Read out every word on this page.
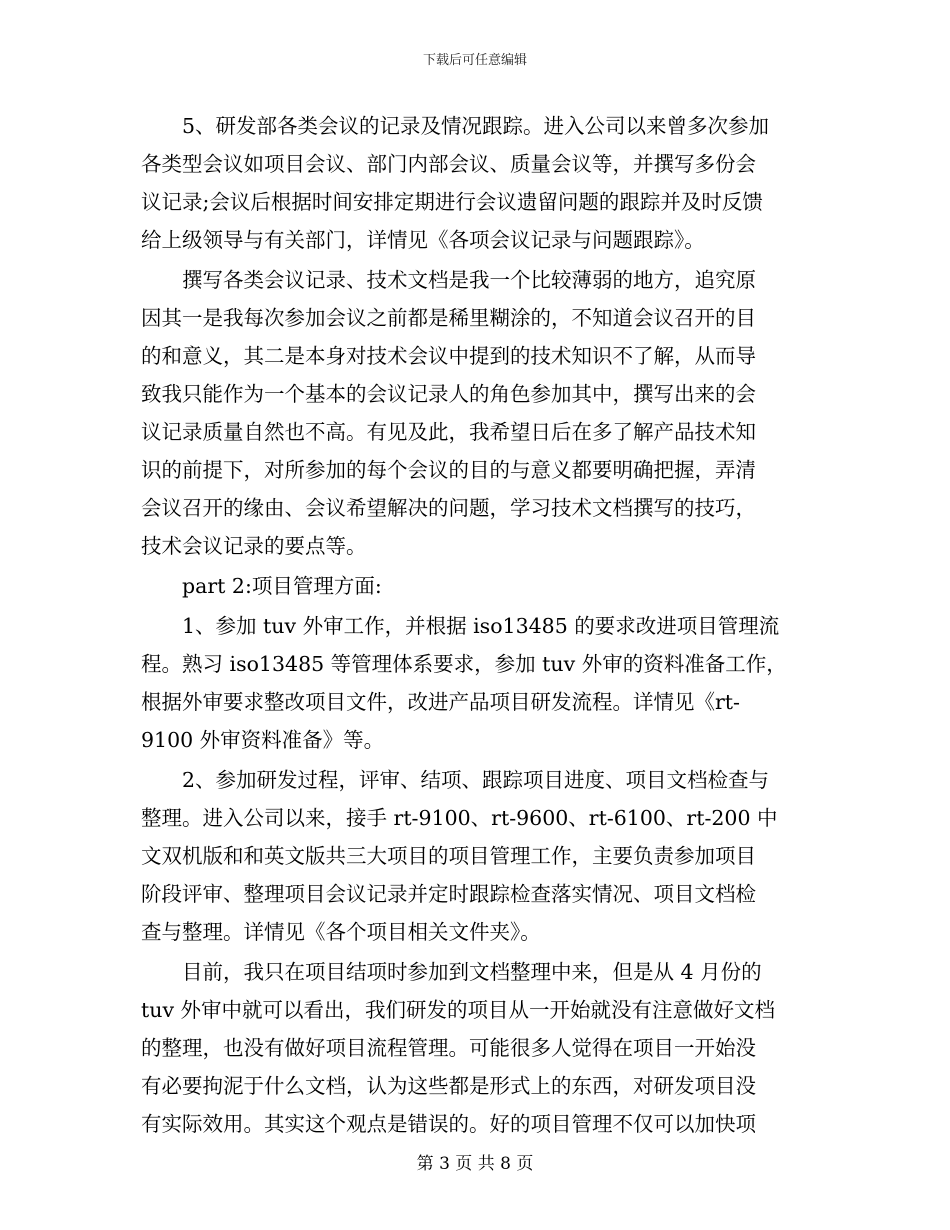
下载后可任意编辑
5、研发部各类会议的记录及情况跟踪。进入公司以来曾多次参加
各类型会议如项目会议、部门内部会议、质量会议等，并撰写多份会
议记录;会议后根据时间安排定期进行会议遗留问题的跟踪并及时反馈
给上级领导与有关部门，详情见《各项会议记录与问题跟踪》。
撰写各类会议记录、技术文档是我一个比较薄弱的地方，追究原
因其一是我每次参加会议之前都是稀里糊涂的，不知道会议召开的目
的和意义，其二是本身对技术会议中提到的技术知识不了解，从而导
致我只能作为一个基本的会议记录人的角色参加其中，撰写出来的会
议记录质量自然也不高。有见及此，我希望日后在多了解产品技术知
识的前提下，对所参加的每个会议的目的与意义都要明确把握，弄清
会议召开的缘由、会议希望解决的问题，学习技术文档撰写的技巧，
技术会议记录的要点等。
part 2:项目管理方面:
1、参加 tuv 外审工作，并根据 iso13485 的要求改进项目管理流
程。熟习 iso13485 等管理体系要求，参加 tuv 外审的资料准备工作，
根据外审要求整改项目文件，改进产品项目研发流程。详情见《rt-
9100 外审资料准备》等。
2、参加研发过程，评审、结项、跟踪项目进度、项目文档检查与
整理。进入公司以来，接手 rt-9100、rt-9600、rt-6100、rt-200 中
文双机版和和英文版共三大项目的项目管理工作，主要负责参加项目
阶段评审、整理项目会议记录并定时跟踪检查落实情况、项目文档检
查与整理。详情见《各个项目相关文件夹》。
目前，我只在项目结项时参加到文档整理中来，但是从 4 月份的
tuv 外审中就可以看出，我们研发的项目从一开始就没有注意做好文档
的整理，也没有做好项目流程管理。可能很多人觉得在项目一开始没
有必要拘泥于什么文档，认为这些都是形式上的东西，对研发项目没
有实际效用。其实这个观点是错误的。好的项目管理不仅可以加快项
第 3 页 共 8 页
